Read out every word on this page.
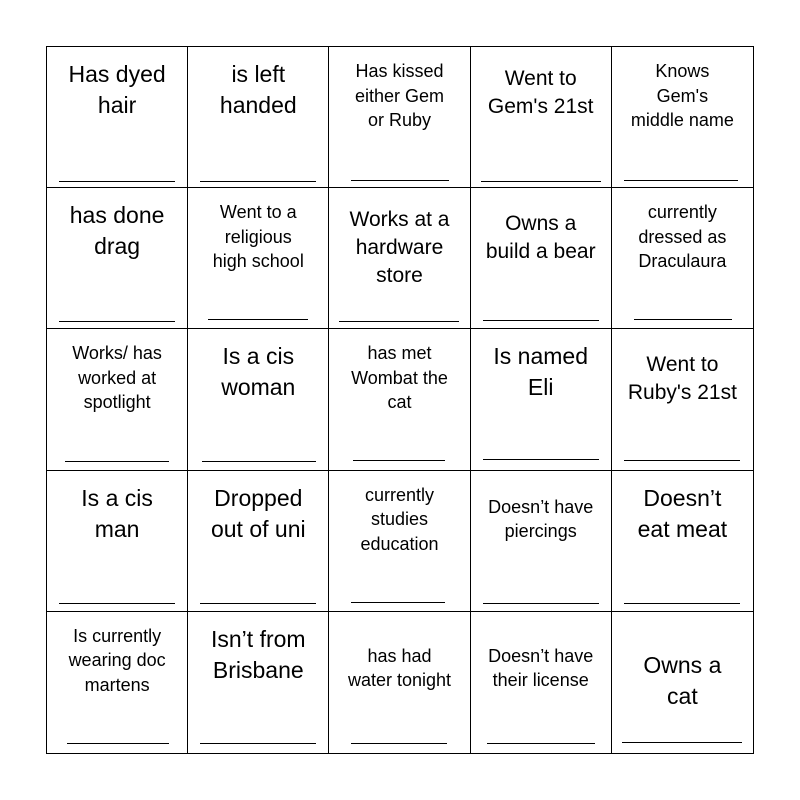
Has dyed
hair
is left
handed
Has kissed
either Gem
or Ruby
Went to
Gem's 21st
Knows
Gem's
middle name
has done
drag
Went to a
religious
high school
Works at a
hardware
store
Owns a
build a bear
currently
dressed as
Draculaura
Works/ has
worked at
spotlight
Is a cis
woman
has met
Wombat the
cat
Is named
Eli
Went to
Ruby's 21st
Is a cis
man
Dropped
out of uni
currently
studies
education
Doesn’t have
piercings
Doesn’t
eat meat
Is currently
wearing doc
martens
Isn’t from
Brisbane
has had
water tonight
Doesn’t have
their license
Owns a
cat
